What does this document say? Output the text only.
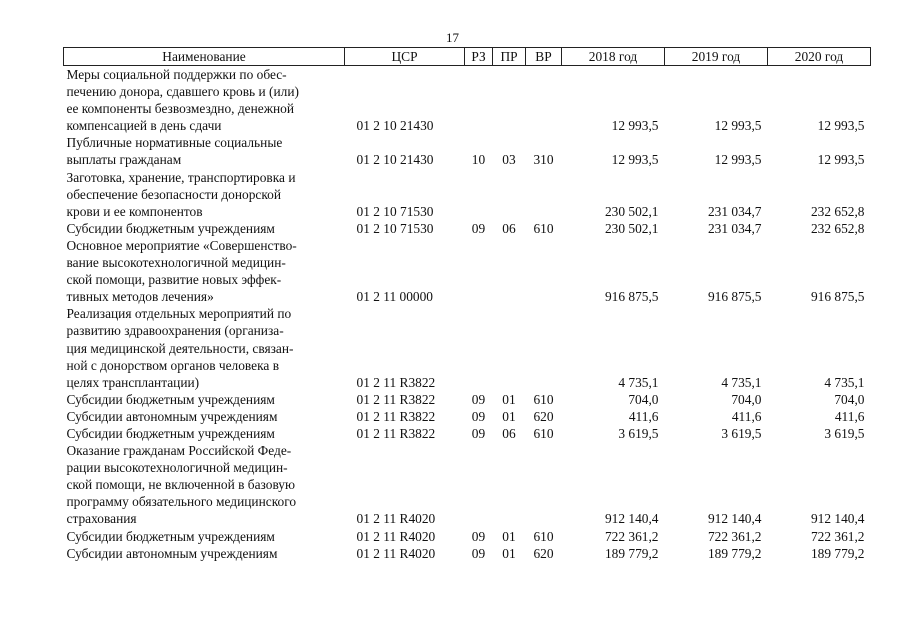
17
Наименование	ЦСР	РЗ	ПР	ВР	2018 год	2019 год	2020 год

Меры социальной поддержки по обес-
печению донора, сдавшего кровь и (или)
ее компоненты безвозмездно, денежной
компенсацией в день сдачи	01 2 10 21430				12 993,5	12 993,5	12 993,5

Публичные нормативные социальные
выплаты гражданам	01 2 10 21430	10	03	310	12 993,5	12 993,5	12 993,5

Заготовка, хранение, транспортировка и
обеспечение безопасности донорской
крови и ее компонентов	01 2 10 71530				230 502,1	231 034,7	232 652,8

Субсидии бюджетным учреждениям	01 2 10 71530	09	06	610	230 502,1	231 034,7	232 652,8

Основное мероприятие «Совершенство-
вание высокотехнологичной медицин-
ской помощи, развитие новых эффек-
тивных методов лечения»	01 2 11 00000				916 875,5	916 875,5	916 875,5

Реализация отдельных мероприятий по
развитию здравоохранения (организа-
ция медицинской деятельности, связан-
ной с донорством органов человека в
целях трансплантации)	01 2 11 R3822				4 735,1	4 735,1	4 735,1

Субсидии бюджетным учреждениям	01 2 11 R3822	09	01	610	704,0	704,0	704,0

Субсидии автономным учреждениям	01 2 11 R3822	09	01	620	411,6	411,6	411,6

Субсидии бюджетным учреждениям	01 2 11 R3822	09	06	610	3 619,5	3 619,5	3 619,5

Оказание гражданам Российской Феде-
рации высокотехнологичной медицин-
ской помощи, не включенной в базовую
программу обязательного медицинского
страхования	01 2 11 R4020				912 140,4	912 140,4	912 140,4

Субсидии бюджетным учреждениям	01 2 11 R4020	09	01	610	722 361,2	722 361,2	722 361,2

Субсидии автономным учреждениям	01 2 11 R4020	09	01	620	189 779,2	189 779,2	189 779,2
